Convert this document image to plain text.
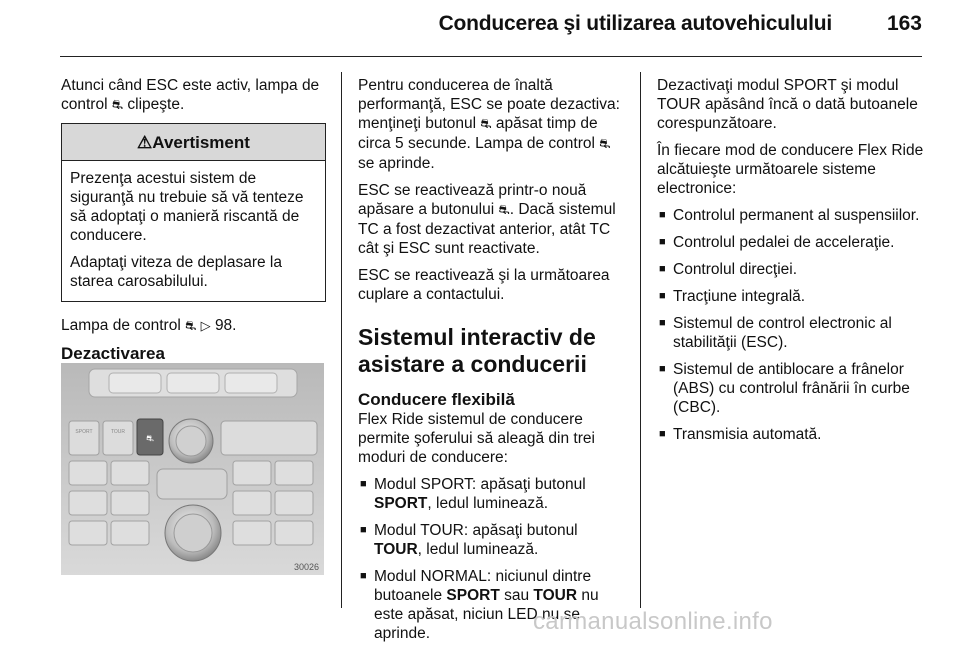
Conducerea şi utilizarea autovehiculului	163

Atunci când ESC este activ, lampa de control ⛐ clipeşte.

⚠Avertisment

Prezenţa acestui sistem de siguranţă nu trebuie să vă tenteze să adoptaţi o manieră riscantă de conducere.

Adaptaţi viteza de deplasare la starea carosabilului.

Lampa de control ⛐ ▷ 98.

Dezactivarea
⛐
SPORT	TOUR
30026

Pentru conducerea de înaltă performanţă, ESC se poate dezactiva: menţineţi butonul ⛐ apăsat timp de circa 5 secunde. Lampa de control ⛐ se aprinde.

ESC se reactivează printr-o nouă apăsare a butonului ⛐. Dacă sistemul TC a fost dezactivat anterior, atât TC cât şi ESC sunt reactivate.

ESC se reactivează şi la următoarea cuplare a contactului.

Sistemul interactiv de asistare a conducerii
Conducere flexibilă

Flex Ride sistemul de conducere permite şoferului să aleagă din trei moduri de conducere:

■ Modul SPORT: apăsaţi butonul SPORT, ledul luminează.
■ Modul TOUR: apăsaţi butonul TOUR, ledul luminează.
■ Modul NORMAL: niciunul dintre butoanele SPORT sau TOUR nu este apăsat, niciun LED nu se aprinde.

Dezactivaţi modul SPORT şi modul TOUR apăsând încă o dată butoanele corespunzătoare.

În fiecare mod de conducere Flex Ride alcătuieşte următoarele sisteme electronice:

■ Controlul permanent al suspensiilor.
■ Controlul pedalei de acceleraţie.
■ Controlul direcţiei.
■ Tracţiune integrală.
■ Sistemul de control electronic al stabilităţii (ESC).
■ Sistemul de antiblocare a frânelor (ABS) cu controlul frânării în curbe (CBC).
■ Transmisia automată.
carmanualsonline.info
